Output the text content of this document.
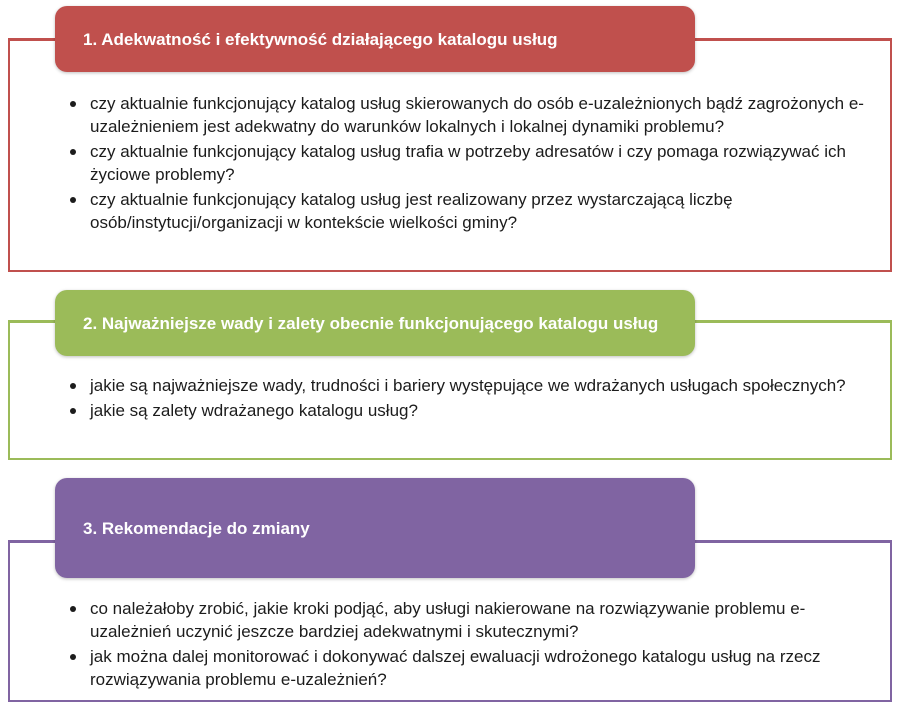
1. Adekwatność i efektywność działającego katalogu usług
czy aktualnie funkcjonujący katalog usług skierowanych do osób e-uzależnionych bądź zagrożonych e-uzależnieniem jest adekwatny do warunków lokalnych i lokalnej dynamiki problemu?
czy aktualnie funkcjonujący katalog usług trafia w potrzeby adresatów i czy pomaga rozwiązywać ich życiowe problemy?
czy aktualnie funkcjonujący katalog usług jest realizowany przez wystarczającą liczbę osób/instytucji/organizacji w kontekście wielkości gminy?
2. Najważniejsze wady i zalety obecnie funkcjonującego katalogu usług
jakie są najważniejsze wady, trudności i bariery występujące we wdrażanych usługach społecznych?
jakie są zalety wdrażanego katalogu usług?
3. Rekomendacje do zmiany
co należałoby zrobić, jakie kroki podjąć, aby usługi nakierowane na rozwiązywanie problemu e-uzależnień uczynić jeszcze bardziej adekwatnymi i skutecznymi?
jak można dalej monitorować i dokonywać dalszej ewaluacji wdrożonego katalogu usług na rzecz rozwiązywania problemu e-uzależnień?
